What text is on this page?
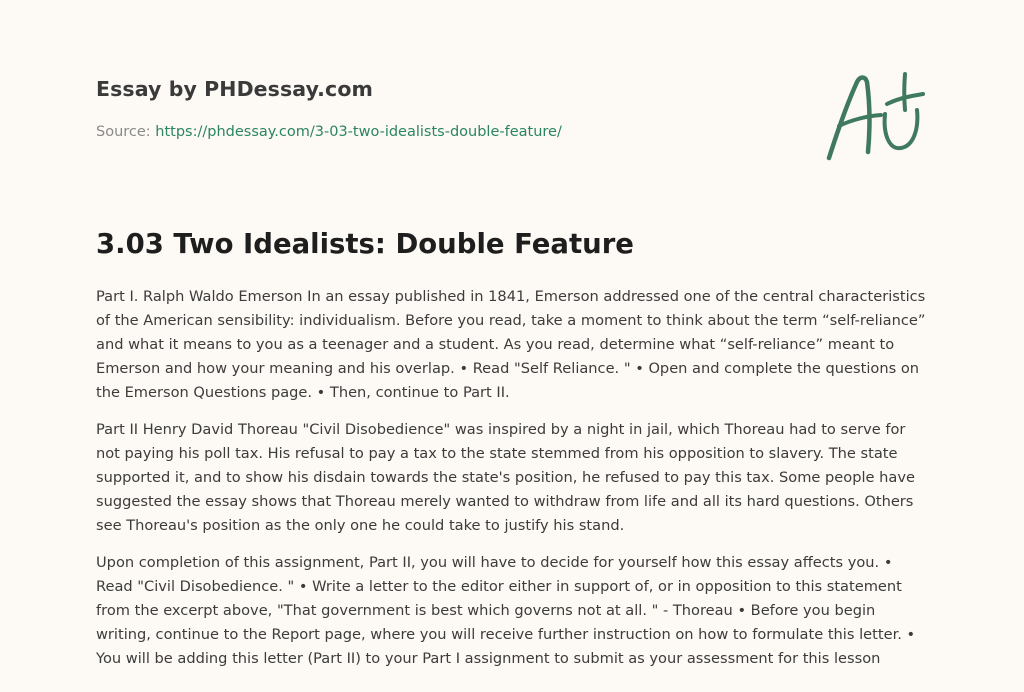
Essay by PHDessay.com
Source: https://phdessay.com/3-03-two-idealists-double-feature/
3.03 Two Idealists: Double Feature

Part I. Ralph Waldo Emerson In an essay published in 1841, Emerson addressed one of the central characteristics of the American sensibility: individualism. Before you read, take a moment to think about the term “self-reliance” and what it means to you as a teenager and a student. As you read, determine what “self-reliance” meant to Emerson and how your meaning and his overlap. • Read "Self Reliance. " • Open and complete the questions on the Emerson Questions page. • Then, continue to Part II.

Part II Henry David Thoreau "Civil Disobedience" was inspired by a night in jail, which Thoreau had to serve for not paying his poll tax. His refusal to pay a tax to the state stemmed from his opposition to slavery. The state supported it, and to show his disdain towards the state's position, he refused to pay this tax. Some people have suggested the essay shows that Thoreau merely wanted to withdraw from life and all its hard questions. Others see Thoreau's position as the only one he could take to justify his stand.

Upon completion of this assignment, Part II, you will have to decide for yourself how this essay affects you. • Read "Civil Disobedience. " • Write a letter to the editor either in support of, or in opposition to this statement from the excerpt above, "That government is best which governs not at all. " - Thoreau • Before you begin writing, continue to the Report page, where you will receive further instruction on how to formulate this letter. • You will be adding this letter (Part II) to your Part I assignment to submit as your assessment for this lesson
